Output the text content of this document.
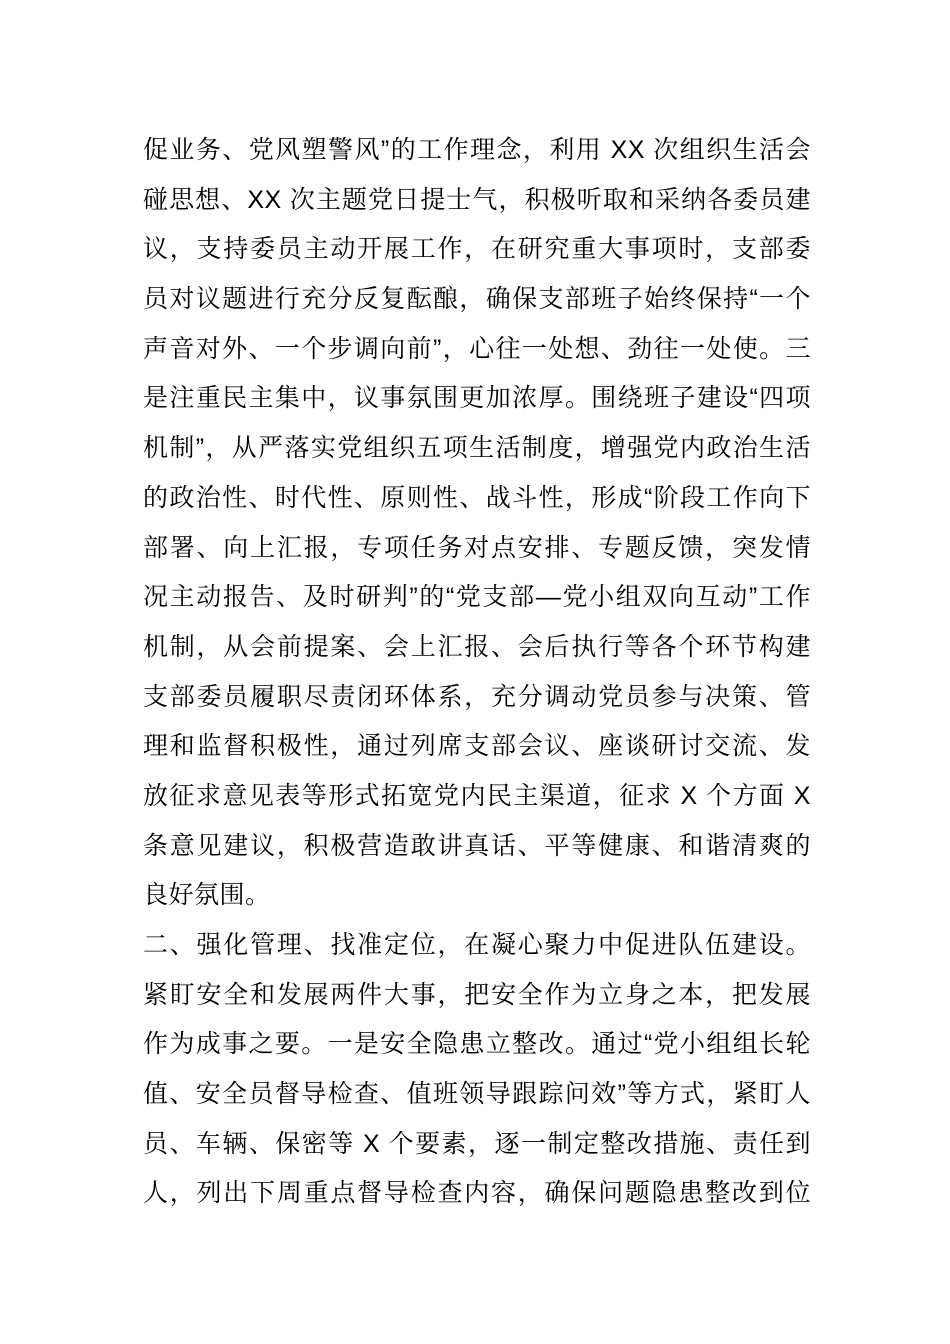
促业务、党风塑警风”的工作理念，利用 XX 次组织生活会
碰思想、XX 次主题党日提士气，积极听取和采纳各委员建
议，支持委员主动开展工作，在研究重大事项时，支部委
员对议题进行充分反复酝酿，确保支部班子始终保持“一个
声音对外、一个步调向前”，心往一处想、劲往一处使。三
是注重民主集中，议事氛围更加浓厚。围绕班子建设“四项
机制”，从严落实党组织五项生活制度，增强党内政治生活
的政治性、时代性、原则性、战斗性，形成“阶段工作向下
部署、向上汇报，专项任务对点安排、专题反馈，突发情
况主动报告、及时研判”的“党支部—党小组双向互动”工作
机制，从会前提案、会上汇报、会后执行等各个环节构建
支部委员履职尽责闭环体系，充分调动党员参与决策、管
理和监督积极性，通过列席支部会议、座谈研讨交流、发
放征求意见表等形式拓宽党内民主渠道，征求 X 个方面 X
条意见建议，积极营造敢讲真话、平等健康、和谐清爽的
良好氛围。
二、强化管理、找准定位，在凝心聚力中促进队伍建设。
紧盯安全和发展两件大事，把安全作为立身之本，把发展
作为成事之要。一是安全隐患立整改。通过“党小组组长轮
值、安全员督导检查、值班领导跟踪问效”等方式，紧盯人
员、车辆、保密等 X 个要素，逐一制定整改措施、责任到
人，列出下周重点督导检查内容，确保问题隐患整改到位
